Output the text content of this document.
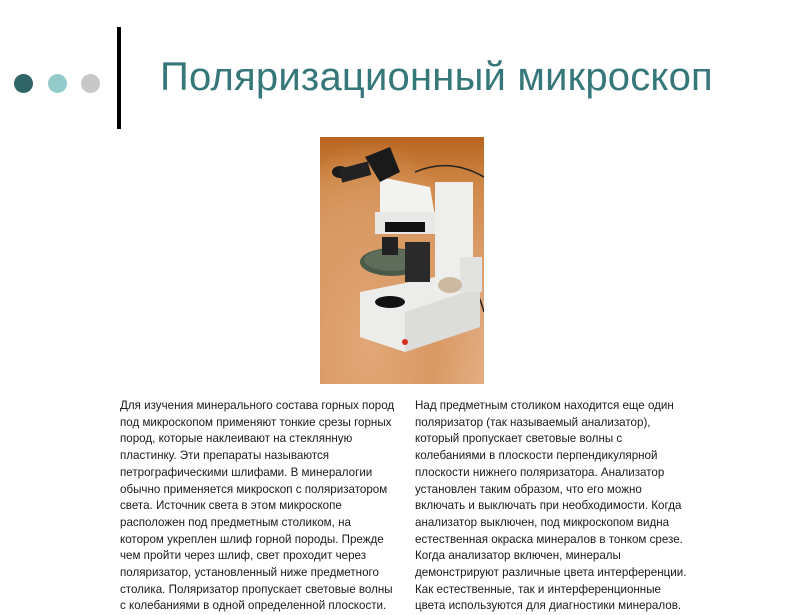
Поляризационный микроскоп
Для изучения минерального состава горных пород
под микроскопом применяют тонкие срезы горных
пород, которые наклеивают на стеклянную
пластинку. Эти препараты называются
петрографическими шлифами. В минералогии
обычно применяется микроскоп с поляризатором
света. Источник света в этом микроскопе
расположен под предметным столиком, на
котором укреплен шлиф горной породы. Прежде
чем пройти через шлиф, свет проходит через
поляризатор, установленный ниже предметного
столика. Поляризатор пропускает световые волны
с колебаниями в одной определенной плоскости.
Над предметным столиком находится еще один
поляризатор (так называемый анализатор),
который пропускает световые волны с
колебаниями в плоскости перпендикулярной
плоскости нижнего поляризатора. Анализатор
установлен таким образом, что его можно
включать и выключать при необходимости. Когда
анализатор выключен, под микроскопом видна
естественная окраска минералов в тонком срезе.
Когда анализатор включен, минералы
демонстрируют различные цвета интерференции.
Как естественные, так и интерференционные
цвета используются для диагностики минералов.
